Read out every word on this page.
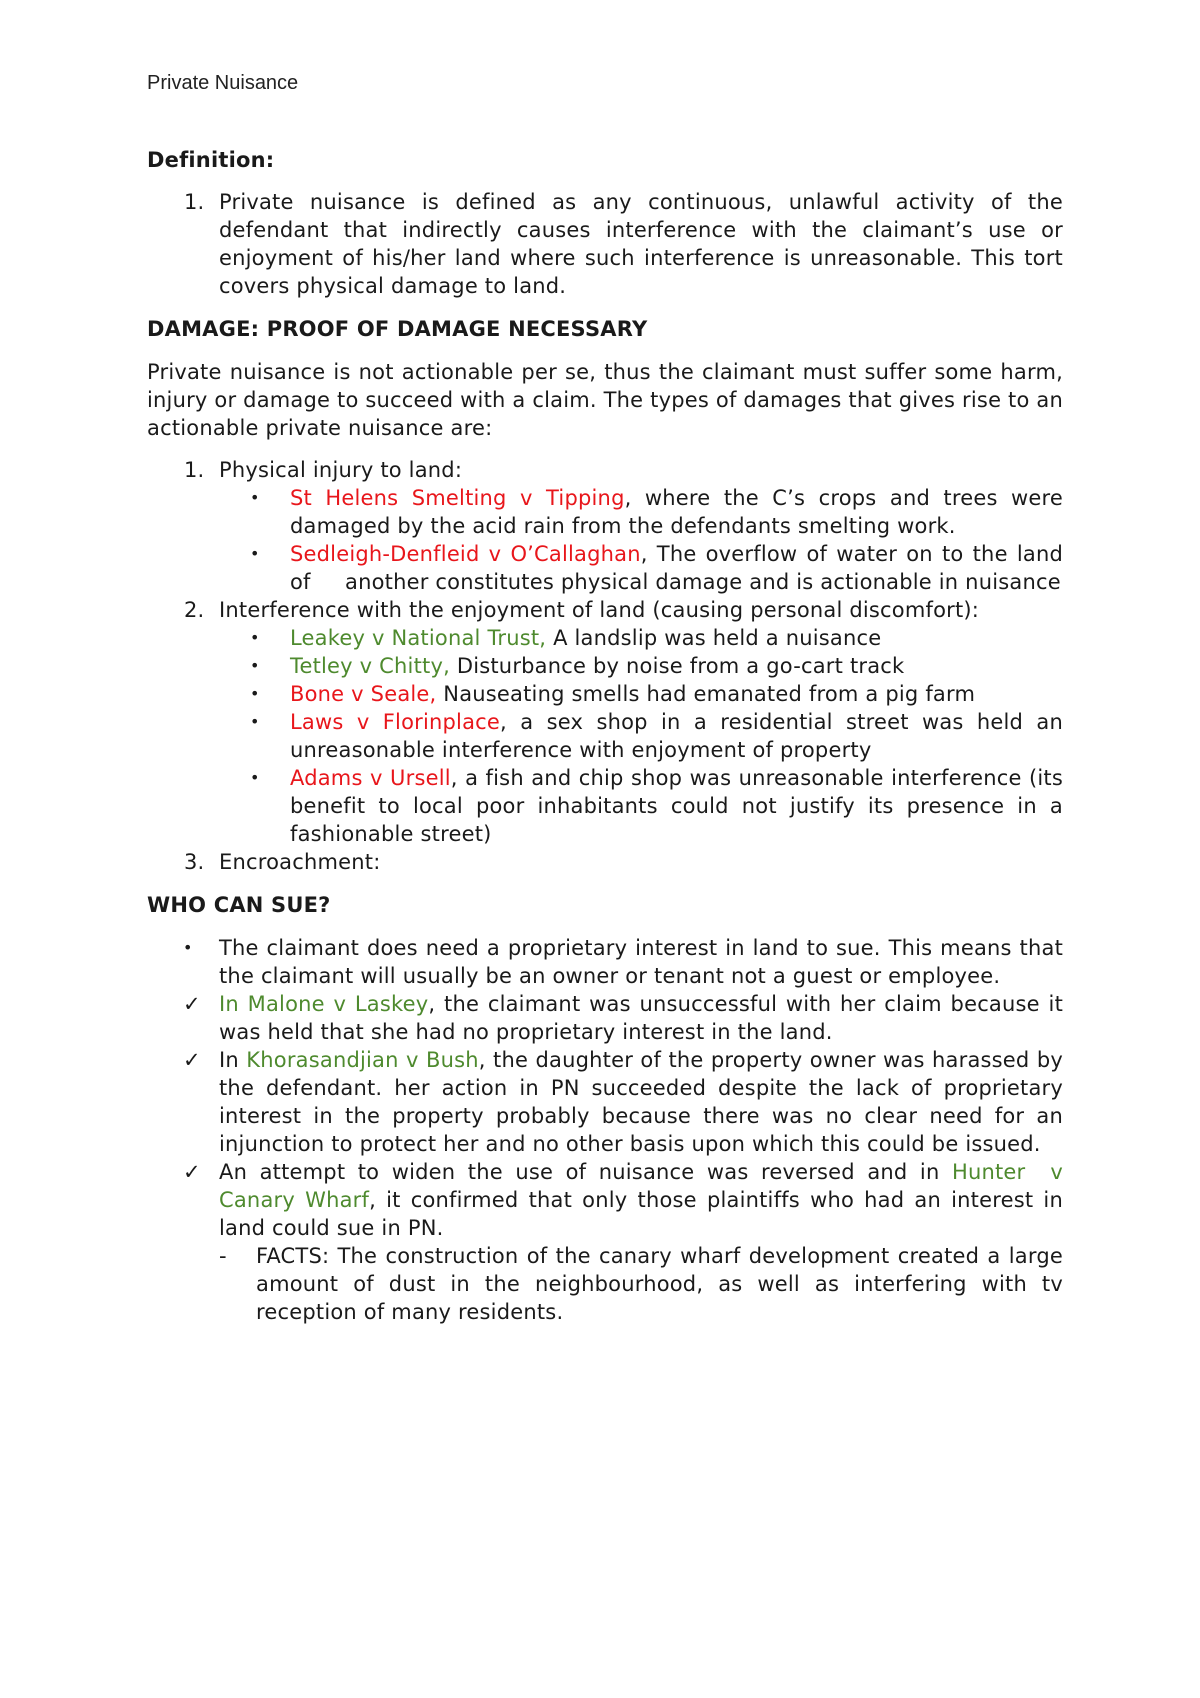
Private Nuisance

Definition:

1. Private nuisance is defined as any continuous, unlawful activity of the defendant that indirectly causes interference with the claimant’s use or enjoyment of his/her land where such interference is unreasonable. This tort covers physical damage to land.

DAMAGE: PROOF OF DAMAGE NECESSARY

Private nuisance is not actionable per se, thus the claimant must suffer some harm, injury or damage to succeed with a claim. The types of damages that gives rise to an actionable private nuisance are:

1. Physical injury to land:
• St Helens Smelting v Tipping, where the C’s crops and trees were damaged by the acid rain from the defendants smelting work.
• Sedleigh-Denfleid v O’Callaghan, The overflow of water on to the land of     another constitutes physical damage and is actionable in nuisance
2. Interference with the enjoyment of land (causing personal discomfort):
• Leakey v National Trust, A landslip was held a nuisance
• Tetley v Chitty, Disturbance by noise from a go-cart track
• Bone v Seale, Nauseating smells had emanated from a pig farm
• Laws v Florinplace, a sex shop in a residential street was held an unreasonable interference with enjoyment of property
• Adams v Ursell, a fish and chip shop was unreasonable interference (its benefit to local poor inhabitants could not justify its presence in a fashionable street)
3. Encroachment:

WHO CAN SUE?

• The claimant does need a proprietary interest in land to sue. This means that the claimant will usually be an owner or tenant not a guest or employee.
✓ In Malone v Laskey, the claimant was unsuccessful with her claim because it was held that she had no proprietary interest in the land.
✓ In Khorasandjian v Bush, the daughter of the property owner was harassed by the defendant. her action in PN succeeded despite the lack of proprietary interest in the property probably because there was no clear need for an injunction to protect her and no other basis upon which this could be issued.
✓ An attempt to widen the use of nuisance was reversed and in Hunter  v Canary Wharf, it confirmed that only those plaintiffs who had an interest in land could sue in PN.
- FACTS: The construction of the canary wharf development created a large amount of dust in the neighbourhood, as well as interfering with tv reception of many residents.
